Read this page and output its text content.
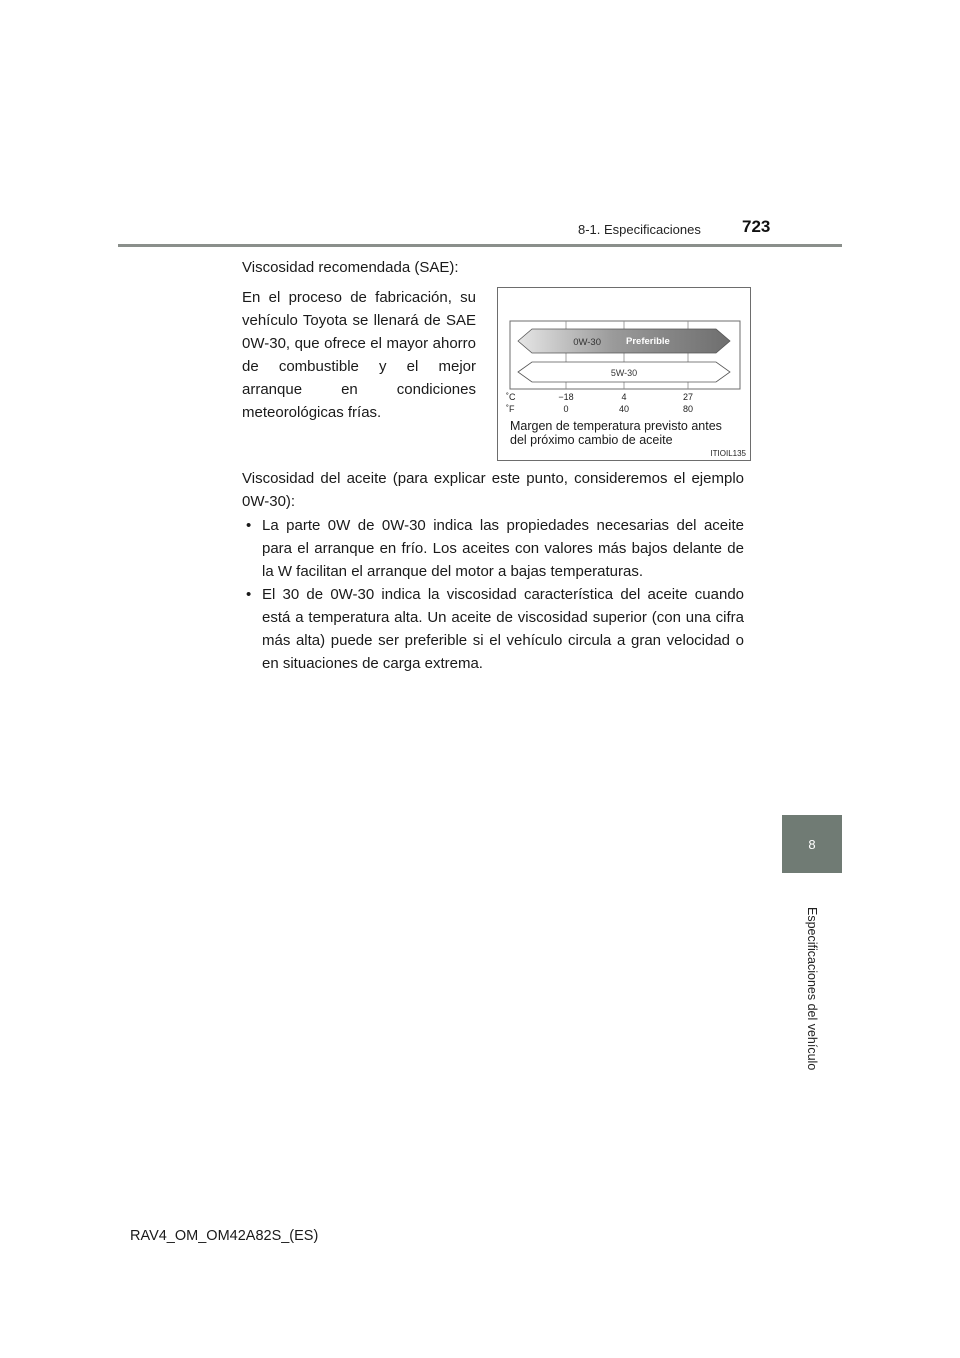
8-1. Especificaciones 723
8
Especificaciones del vehículo
Viscosidad recomendada (SAE):
En el proceso de fabricación, su vehículo Toyota se llenará de SAE 0W-30, que ofrece el mayor ahorro de combustible y el mejor arranque en condiciones meteorológicas frías.
0W-30	Preferible
5W-30
˚C
˚F
−18	4	27
0	40	80
Margen de temperatura previsto antes
del próximo cambio de aceite
ITIOIL135
Viscosidad del aceite (para explicar este punto, consideremos el ejemplo 0W-30):
• La parte 0W de 0W-30 indica las propiedades necesarias del aceite para el arranque en frío. Los aceites con valores más bajos delante de la W facilitan el arranque del motor a bajas temperaturas.
• El 30 de 0W-30 indica la viscosidad característica del aceite cuando está a temperatura alta. Un aceite de viscosidad superior (con una cifra más alta) puede ser preferible si el vehículo circula a gran velocidad o en situaciones de carga extrema.
RAV4_OM_OM42A82S_(ES)
